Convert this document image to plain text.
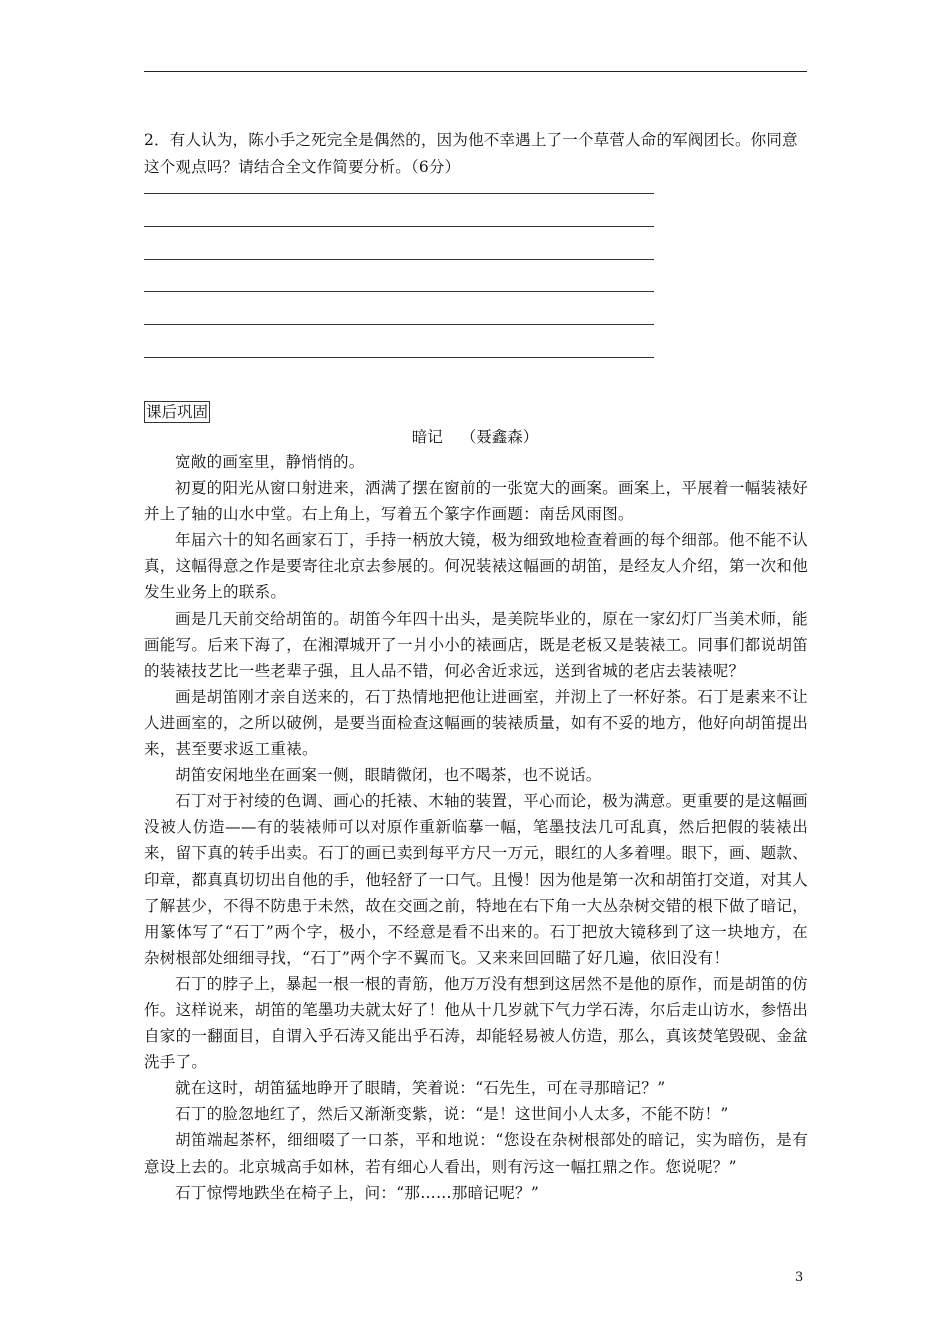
2．有人认为，陈小手之死完全是偶然的，因为他不幸遇上了一个草菅人命的军阀团长。你同意这个观点吗？请结合全文作简要分析。（6分）
课后巩固
暗记 （聂鑫森）

宽敞的画室里，静悄悄的。

初夏的阳光从窗口射进来，洒满了摆在窗前的一张宽大的画案。画案上，平展着一幅装裱好并上了轴的山水中堂。右上角上，写着五个篆字作画题：南岳风雨图。

年届六十的知名画家石丁，手持一柄放大镜，极为细致地检查着画的每个细部。他不能不认真，这幅得意之作是要寄往北京去参展的。何况装裱这幅画的胡笛，是经友人介绍，第一次和他发生业务上的联系。

画是几天前交给胡笛的。胡笛今年四十出头，是美院毕业的，原在一家幻灯厂当美术师，能画能写。后来下海了，在湘潭城开了一爿小小的裱画店，既是老板又是装裱工。同事们都说胡笛的装裱技艺比一些老辈子强，且人品不错，何必舍近求远，送到省城的老店去装裱呢？

画是胡笛刚才亲自送来的，石丁热情地把他让进画室，并沏上了一杯好茶。石丁是素来不让人进画室的，之所以破例，是要当面检查这幅画的装裱质量，如有不妥的地方，他好向胡笛提出来，甚至要求返工重裱。

胡笛安闲地坐在画案一侧，眼睛微闭，也不喝茶，也不说话。

石丁对于衬绫的色调、画心的托裱、木轴的装置，平心而论，极为满意。更重要的是这幅画没被人仿造——有的装裱师可以对原作重新临摹一幅，笔墨技法几可乱真，然后把假的装裱出来，留下真的转手出卖。石丁的画已卖到每平方尺一万元，眼红的人多着哩。眼下，画、题款、印章，都真真切切出自他的手，他轻舒了一口气。且慢！因为他是第一次和胡笛打交道，对其人了解甚少，不得不防患于未然，故在交画之前，特地在右下角一大丛杂树交错的根下做了暗记，用篆体写了“石丁”两个字，极小，不经意是看不出来的。石丁把放大镜移到了这一块地方，在杂树根部处细细寻找，“石丁”两个字不翼而飞。又来来回回瞄了好几遍，依旧没有！

石丁的脖子上，暴起一根一根的青筋，他万万没有想到这居然不是他的原作，而是胡笛的仿作。这样说来，胡笛的笔墨功夫就太好了！他从十几岁就下气力学石涛，尔后走山访水，参悟出自家的一翻面目，自谓入乎石涛又能出乎石涛，却能轻易被人仿造，那么，真该焚笔毁砚、金盆洗手了。

就在这时，胡笛猛地睁开了眼睛，笑着说：“石先生，可在寻那暗记？”

石丁的脸忽地红了，然后又渐渐变紫，说：“是！这世间小人太多，不能不防！”

胡笛端起茶杯，细细啜了一口茶，平和地说：“您设在杂树根部处的暗记，实为暗伤，是有意设上去的。北京城高手如林，若有细心人看出，则有污这一幅扛鼎之作。您说呢？”

石丁惊愕地跌坐在椅子上，问：“那……那暗记呢？”

3
